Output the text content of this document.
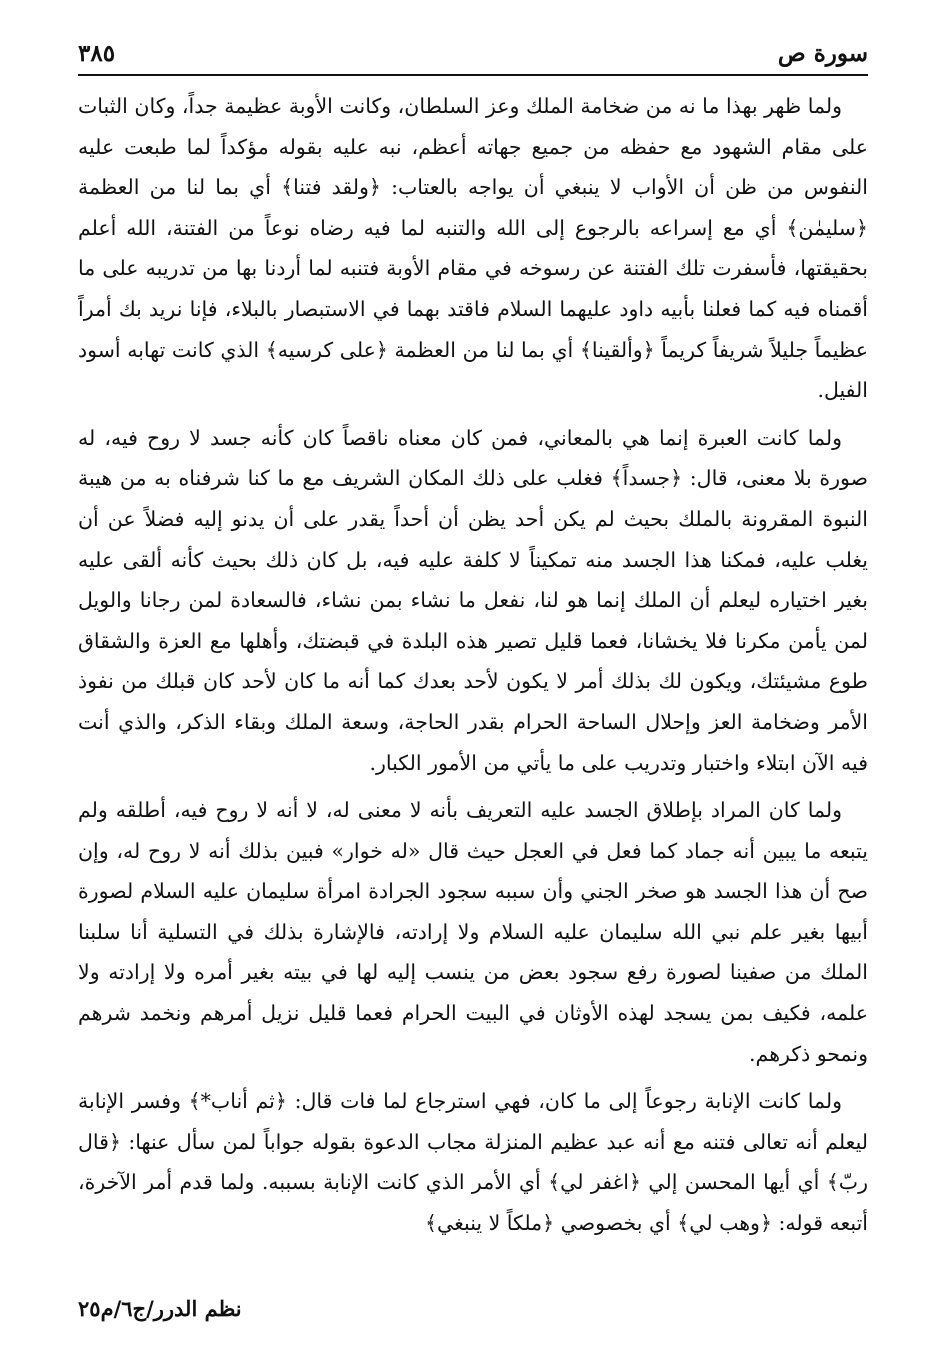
سورة ص
٣٨٥

ولما ظهر بهذا ما نه من ضخامة الملك وعز السلطان، وكانت الأوبة عظيمة جداً، وكان الثبات على مقام الشهود مع حفظه من جميع جهاته أعظم، نبه عليه بقوله مؤكداً لما طبعت عليه النفوس من ظن أن الأواب لا ينبغي أن يواجه بالعتاب: ﴿ولقد فتنا﴾ أي بما لنا من العظمة ﴿سليمٰن﴾ أي مع إسراعه بالرجوع إلى الله والتنبه لما فيه رضاه نوعاً من الفتنة، الله أعلم بحقيقتها، فأسفرت تلك الفتنة عن رسوخه في مقام الأوبة فتنبه لما أردنا بها من تدريبه على ما أقمناه فيه كما فعلنا بأبيه داود عليهما السلام فاقتد بهما في الاستبصار بالبلاء، فإنا نريد بك أمراً عظيماً جليلاً شريفاً كريماً ﴿وألقينا﴾ أي بما لنا من العظمة ﴿على كرسيه﴾ الذي كانت تهابه أسود الفيل.

ولما كانت العبرة إنما هي بالمعاني، فمن كان معناه ناقصاً كان كأنه جسد لا روح فيه، له صورة بلا معنى، قال: ﴿جسداً﴾ فغلب على ذلك المكان الشريف مع ما كنا شرفناه به من هيبة النبوة المقرونة بالملك بحيث لم يكن أحد يظن أن أحداً يقدر على أن يدنو إليه فضلاً عن أن يغلب عليه، فمكنا هذا الجسد منه تمكيناً لا كلفة عليه فيه، بل كان ذلك بحيث كأنه ألقى عليه بغير اختياره ليعلم أن الملك إنما هو لنا، نفعل ما نشاء بمن نشاء، فالسعادة لمن رجانا والويل لمن يأمن مكرنا فلا يخشانا، فعما قليل تصير هذه البلدة في قبضتك، وأهلها مع العزة والشقاق طوع مشيئتك، ويكون لك بذلك أمر لا يكون لأحد بعدك كما أنه ما كان لأحد كان قبلك من نفوذ الأمر وضخامة العز وإحلال الساحة الحرام بقدر الحاجة، وسعة الملك وبقاء الذكر، والذي أنت فيه الآن ابتلاء واختبار وتدريب على ما يأتي من الأمور الكبار.

ولما كان المراد بإطلاق الجسد عليه التعريف بأنه لا معنى له، لا أنه لا روح فيه، أطلقه ولم يتبعه ما يبين أنه جماد كما فعل في العجل حيث قال «له خوار» فبين بذلك أنه لا روح له، وإن صح أن هذا الجسد هو صخر الجني وأن سببه سجود الجرادة امرأة سليمان عليه السلام لصورة أبيها بغير علم نبي الله سليمان عليه السلام ولا إرادته، فالإشارة بذلك في التسلية أنا سلبنا الملك من صفينا لصورة رفع سجود بعض من ينسب إليه لها في بيته بغير أمره ولا إرادته ولا علمه، فكيف بمن يسجد لهذه الأوثان في البيت الحرام فعما قليل نزيل أمرهم ونخمد شرهم ونمحو ذكرهم.

ولما كانت الإنابة رجوعاً إلى ما كان، فهي استرجاع لما فات قال: ﴿ثم أناب*﴾ وفسر الإنابة ليعلم أنه تعالى فتنه مع أنه عبد عظيم المنزلة مجاب الدعوة بقوله جواباً لمن سأل عنها: ﴿قال ربّ﴾ أي أيها المحسن إلي ﴿اغفر لي﴾ أي الأمر الذي كانت الإنابة بسببه. ولما قدم أمر الآخرة، أتبعه قوله: ﴿وهب لي﴾ أي بخصوصي ﴿ملكاً لا ينبغي﴾

نظم الدرر/ج٦/م٢٥
